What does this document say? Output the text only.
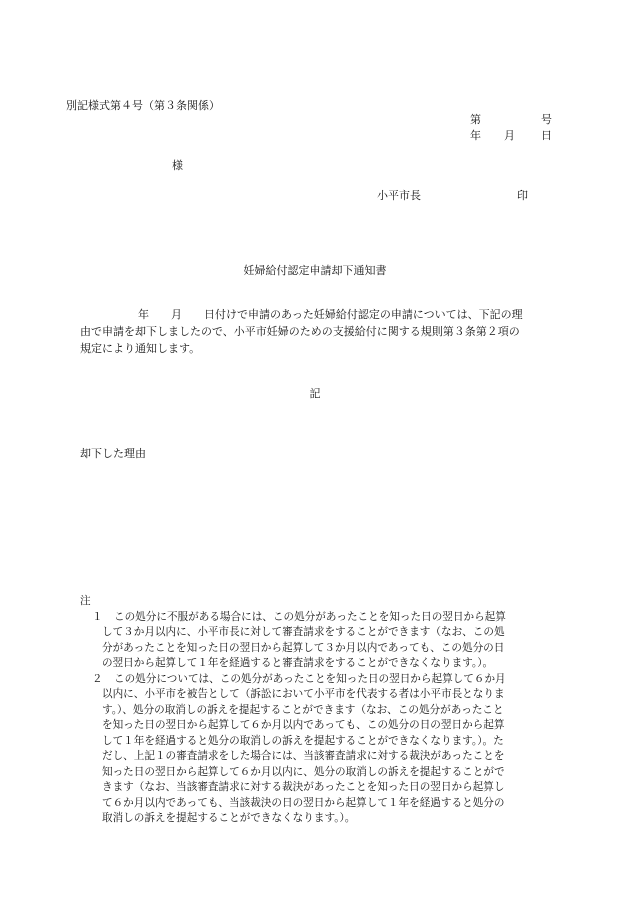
別記様式第４号（第３条関係）
第	号
年 月 日
様
小平市長	印
妊婦給付認定申請却下通知書
年　　月　　日付けで申請のあった妊婦給付認定の申請については、下記の理
由で申請を却下しましたので、小平市妊婦のための支援給付に関する規則第３条第２項の
規定により通知します。
記
却下した理由
注
１	この処分に不服がある場合には、この処分があったことを知った日の翌日から起算
して３か月以内に、小平市長に対して審査請求をすることができます（なお、この処
分があったことを知った日の翌日から起算して３か月以内であっても、この処分の日
の翌日から起算して１年を経過すると審査請求をすることができなくなります。）。
２	この処分については、この処分があったことを知った日の翌日から起算して６か月
以内に、小平市を被告として（訴訟において小平市を代表する者は小平市長となりま
す。）、処分の取消しの訴えを提起することができます（なお、この処分があったこと
を知った日の翌日から起算して６か月以内であっても、この処分の日の翌日から起算
して１年を経過すると処分の取消しの訴えを提起することができなくなります。）。た
だし、上記１の審査請求をした場合には、当該審査請求に対する裁決があったことを
知った日の翌日から起算して６か月以内に、処分の取消しの訴えを提起することがで
きます（なお、当該審査請求に対する裁決があったことを知った日の翌日から起算し
て６か月以内であっても、当該裁決の日の翌日から起算して１年を経過すると処分の
取消しの訴えを提起することができなくなります。）。
